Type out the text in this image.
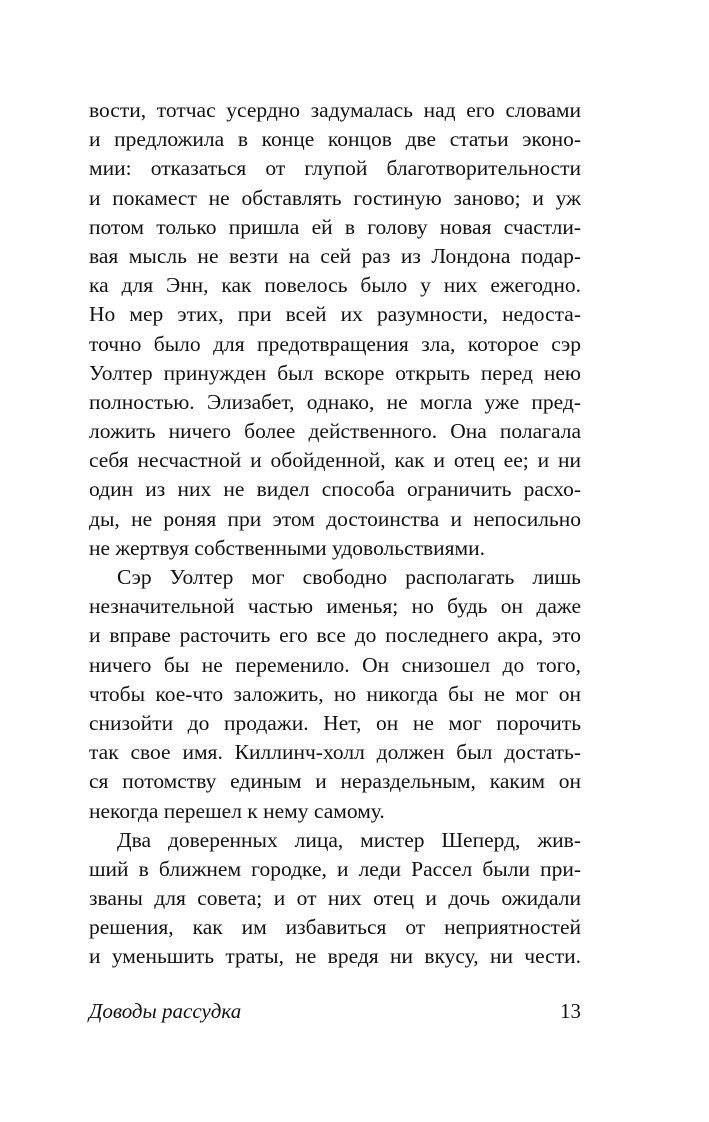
вости, тотчас усердно задумалась над его словами
и предложила в конце концов две статьи эконо-
мии: отказаться от глупой благотворительности
и покамест не обставлять гостиную заново; и уж
потом только пришла ей в голову новая счастли-
вая мысль не везти на сей раз из Лондона подар-
ка для Энн, как повелось было у них ежегодно.
Но мер этих, при всей их разумности, недоста-
точно было для предотвращения зла, которое сэр
Уолтер принужден был вскоре открыть перед нею
полностью. Элизабет, однако, не могла уже пред-
ложить ничего более действенного. Она полагала
себя несчастной и обойденной, как и отец ее; и ни
один из них не видел способа ограничить расхо-
ды, не роняя при этом достоинства и непосильно
не жертвуя собственными удовольствиями.
Сэр Уолтер мог свободно располагать лишь
незначительной частью именья; но будь он даже
и вправе расточить его все до последнего акра, это
ничего бы не переменило. Он снизошел до того,
чтобы кое-что заложить, но никогда бы не мог он
снизойти до продажи. Нет, он не мог порочить
так свое имя. Киллинч-холл должен был достать-
ся потомству единым и нераздельным, каким он
некогда перешел к нему самому.
Два доверенных лица, мистер Шеперд, жив-
ший в ближнем городке, и леди Рассел были при-
званы для совета; и от них отец и дочь ожидали
решения, как им избавиться от неприятностей
и уменьшить траты, не вредя ни вкусу, ни чести.
Доводы рассудка	13
